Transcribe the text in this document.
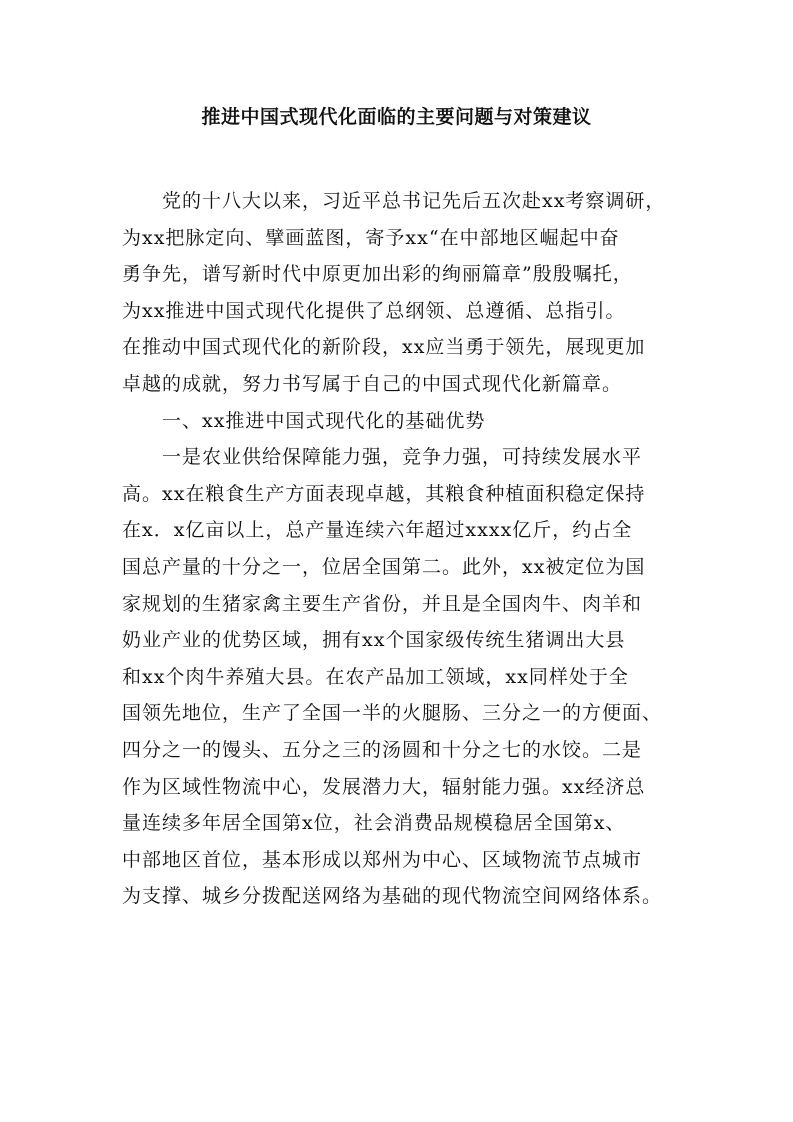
推进中国式现代化面临的主要问题与对策建议
党的十八大以来，习近平总书记先后五次赴xx考察调研，
为xx把脉定向、擘画蓝图，寄予xx“在中部地区崛起中奋
勇争先，谱写新时代中原更加出彩的绚丽篇章”殷殷嘱托，
为xx推进中国式现代化提供了总纲领、总遵循、总指引。
在推动中国式现代化的新阶段，xx应当勇于领先，展现更加
卓越的成就，努力书写属于自己的中国式现代化新篇章。
一、xx推进中国式现代化的基础优势
一是农业供给保障能力强，竞争力强，可持续发展水平
高。xx在粮食生产方面表现卓越，其粮食种植面积稳定保持
在x．x亿亩以上，总产量连续六年超过xxxx亿斤，约占全
国总产量的十分之一，位居全国第二。此外，xx被定位为国
家规划的生猪家禽主要生产省份，并且是全国肉牛、肉羊和
奶业产业的优势区域，拥有xx个国家级传统生猪调出大县
和xx个肉牛养殖大县。在农产品加工领域，xx同样处于全
国领先地位，生产了全国一半的火腿肠、三分之一的方便面、
四分之一的馒头、五分之三的汤圆和十分之七的水饺。二是
作为区域性物流中心，发展潜力大，辐射能力强。xx经济总
量连续多年居全国第x位，社会消费品规模稳居全国第x、
中部地区首位，基本形成以郑州为中心、区域物流节点城市
为支撑、城乡分拨配送网络为基础的现代物流空间网络体系。
